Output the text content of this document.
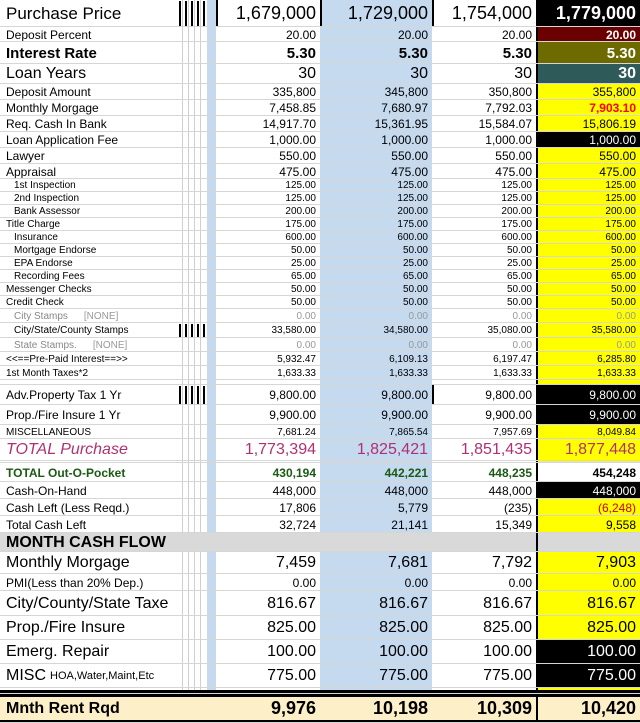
Purchase Price	1,679,000 1,729,000 1,754,000 1,779,000
Deposit Percent	20.00	20.00	20.00	20.00
Interest Rate	5.30	5.30	5.30	5.30
Loan Years	30	30	30	30
Deposit Amount	335,800	345,800	350,800	355,800
Monthly Morgage	7,458.85	7,680.97	7,792.03	7,903.10
Req. Cash In Bank	14,917.70	15,361.95	15,584.07	15,806.19
Loan Application Fee	1,000.00	1,000.00	1,000.00	1,000.00
Lawyer	550.00	550.00	550.00	550.00
Appraisal	475.00	475.00	475.00	475.00
1st Inspection	125.00	125.00	125.00	125.00
2nd Inspection	125.00	125.00	125.00	125.00
Bank Assessor	200.00	200.00	200.00	200.00
Title Charge	175.00	175.00	175.00	175.00
Insurance	600.00	600.00	600.00	600.00
Mortgage Endorse	50.00	50.00	50.00	50.00
EPA Endorse	25.00	25.00	25.00	25.00
Recording Fees	65.00	65.00	65.00	65.00
Messenger Checks	50.00	50.00	50.00	50.00
Credit Check	50.00	50.00	50.00	50.00
City Stamps [NONE]	0.00	0.00	0.00	0.00
City/State/County Stamps	33,580.00	34,580.00	35,080.00	35,580.00
State Stamps. [NONE]	0.00	0.00	0.00	0.00
<<==Pre-Paid Interest==>>	5,932.47	6,109.13	6,197.47	6,285.80
1st Month Taxes*2	1,633.33	1,633.33	1,633.33	1,633.33
Adv.Property Tax 1 Yr	9,800.00	9,800.00	9,800.00	9,800.00
Prop./Fire Insure 1 Yr	9,900.00	9,900.00	9,900.00	9,900.00
MISCELLANEOUS	7,681.24	7,865.54	7,957.69	8,049.84
TOTAL Purchase	1,773,394	1,825,421 1,851,435 1,877,448
TOTAL Out-O-Pocket	430,194	442,221	448,235	454,248
Cash-On-Hand	448,000	448,000	448,000	448,000
Cash Left (Less Reqd.)	17,806	5,779	(235)	(6,248)
Total Cash Left	32,724	21,141	15,349	9,558
MONTH CASH FLOW
Monthly Morgage	7,459	7,681	7,792	7,903
PMI(Less than 20% Dep.)	0.00	0.00	0.00	0.00
City/County/State Taxe	816.67	816.67	816.67	816.67
Prop./Fire Insure	825.00	825.00	825.00	825.00
Emerg. Repair	100.00	100.00	100.00	100.00
MISC HOA,Water,Maint,Etc	775.00	775.00	775.00	775.00
Mnth Rent Rqd	9,976	10,198	10,309	10,420
